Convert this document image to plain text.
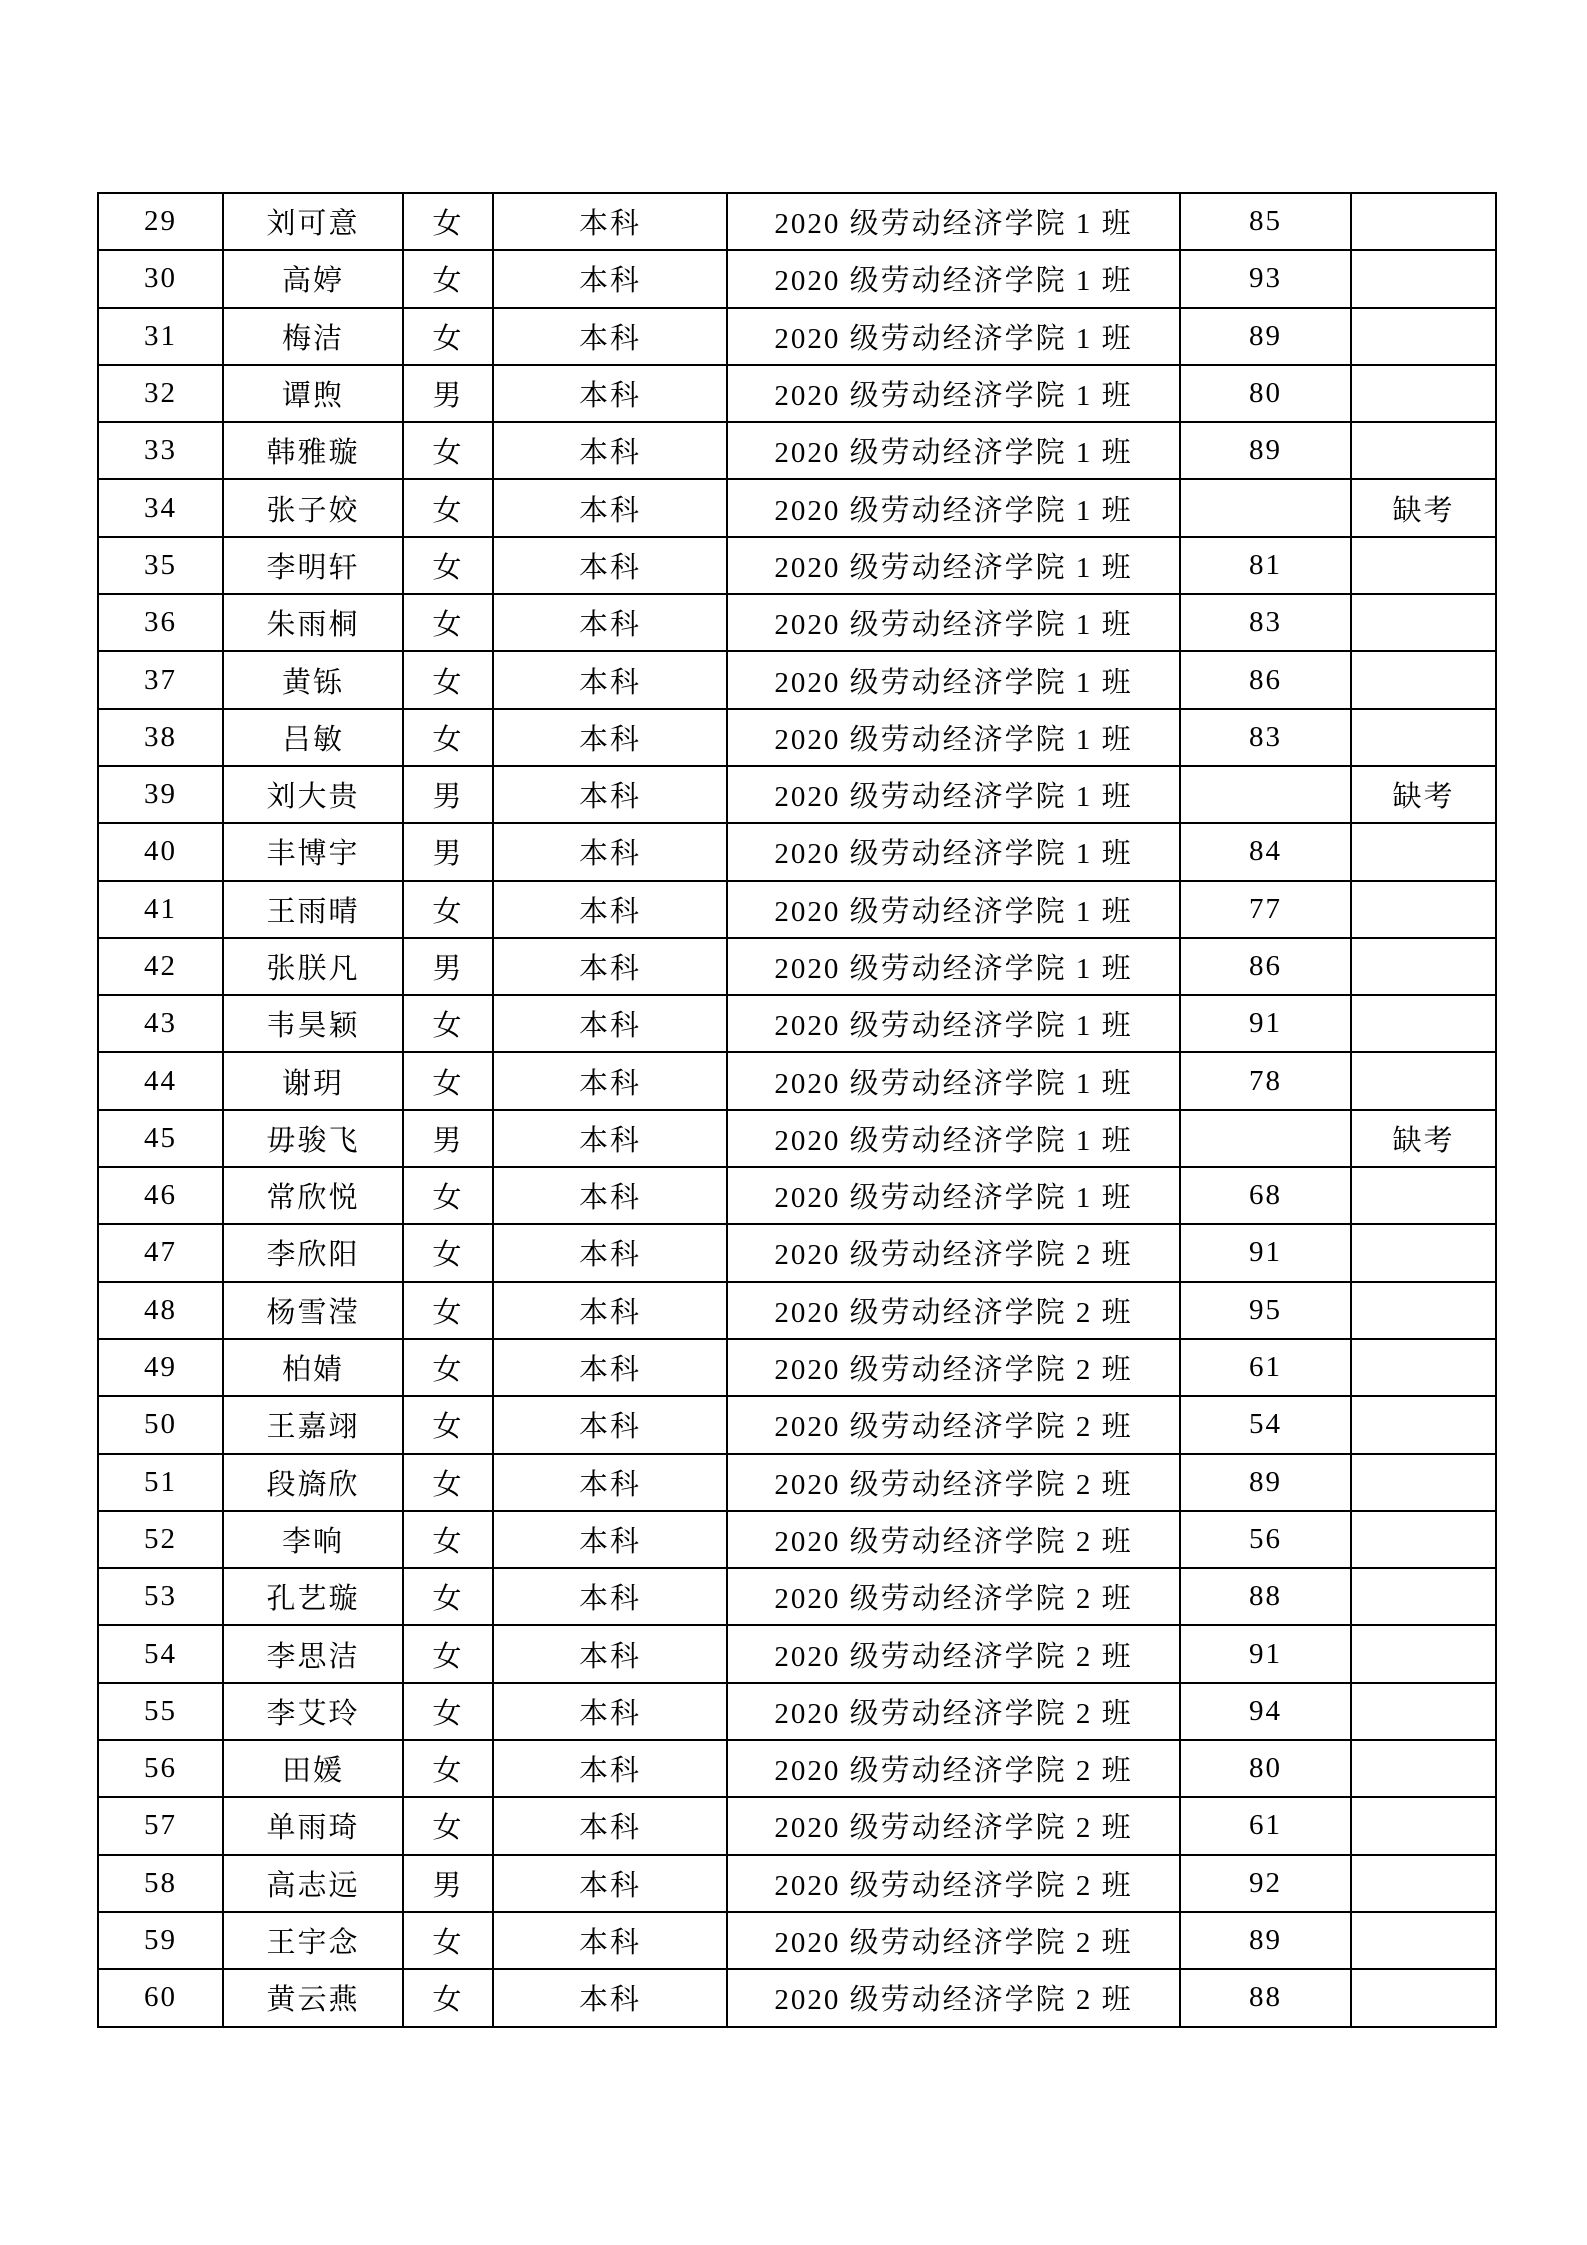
29	刘可意	女	本科	2020 级劳动经济学院 1 班	85	
30	高婷	女	本科	2020 级劳动经济学院 1 班	93	
31	梅洁	女	本科	2020 级劳动经济学院 1 班	89	
32	谭煦	男	本科	2020 级劳动经济学院 1 班	80	
33	韩雅璇	女	本科	2020 级劳动经济学院 1 班	89	
34	张子姣	女	本科	2020 级劳动经济学院 1 班		缺考
35	李明轩	女	本科	2020 级劳动经济学院 1 班	81	
36	朱雨桐	女	本科	2020 级劳动经济学院 1 班	83	
37	黄铄	女	本科	2020 级劳动经济学院 1 班	86	
38	吕敏	女	本科	2020 级劳动经济学院 1 班	83	
39	刘大贵	男	本科	2020 级劳动经济学院 1 班		缺考
40	丰博宇	男	本科	2020 级劳动经济学院 1 班	84	
41	王雨晴	女	本科	2020 级劳动经济学院 1 班	77	
42	张朕凡	男	本科	2020 级劳动经济学院 1 班	86	
43	韦昊颖	女	本科	2020 级劳动经济学院 1 班	91	
44	谢玥	女	本科	2020 级劳动经济学院 1 班	78	
45	毋骏飞	男	本科	2020 级劳动经济学院 1 班		缺考
46	常欣悦	女	本科	2020 级劳动经济学院 1 班	68	
47	李欣阳	女	本科	2020 级劳动经济学院 2 班	91	
48	杨雪滢	女	本科	2020 级劳动经济学院 2 班	95	
49	柏婧	女	本科	2020 级劳动经济学院 2 班	61	
50	王嘉翊	女	本科	2020 级劳动经济学院 2 班	54	
51	段旖欣	女	本科	2020 级劳动经济学院 2 班	89	
52	李响	女	本科	2020 级劳动经济学院 2 班	56	
53	孔艺璇	女	本科	2020 级劳动经济学院 2 班	88	
54	李思洁	女	本科	2020 级劳动经济学院 2 班	91	
55	李艾玲	女	本科	2020 级劳动经济学院 2 班	94	
56	田媛	女	本科	2020 级劳动经济学院 2 班	80	
57	单雨琦	女	本科	2020 级劳动经济学院 2 班	61	
58	高志远	男	本科	2020 级劳动经济学院 2 班	92	
59	王宇念	女	本科	2020 级劳动经济学院 2 班	89	
60	黄云燕	女	本科	2020 级劳动经济学院 2 班	88	
